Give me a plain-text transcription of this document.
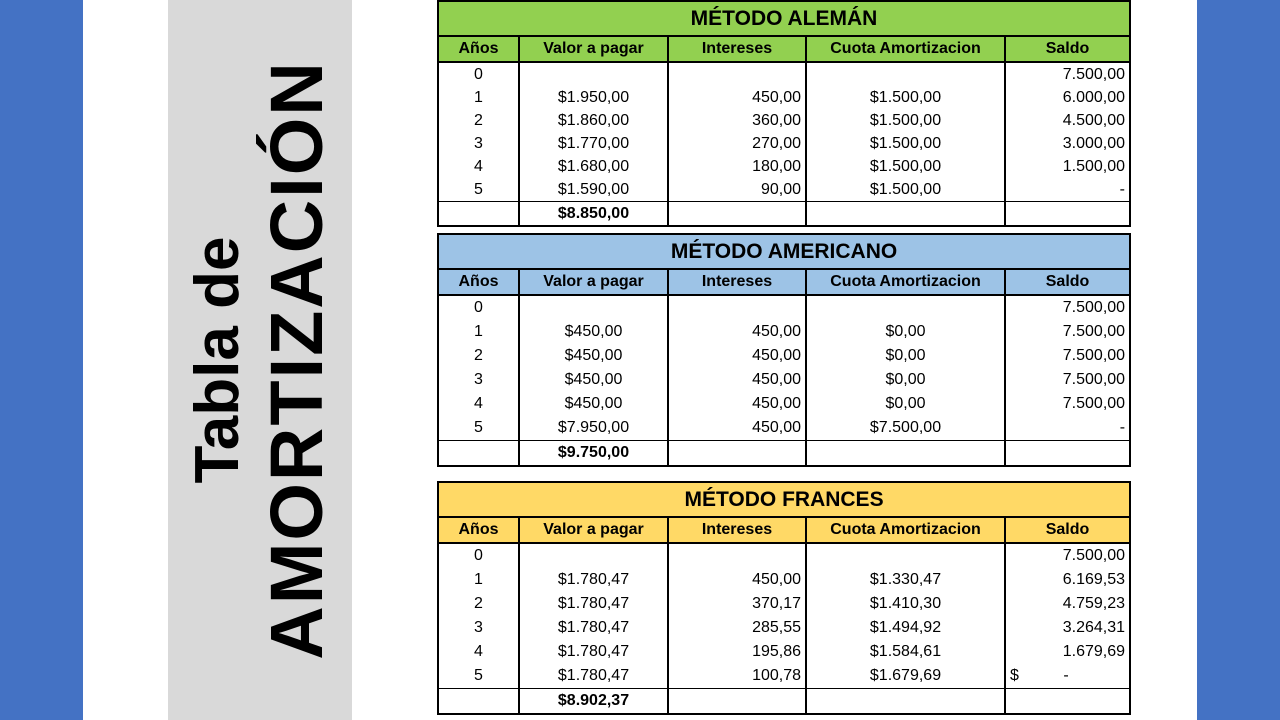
Tabla de AMORTIZACIÓN
MÉTODO ALEMÁN				
Años	Valor a pagar	Intereses	Cuota Amortizacion	Saldo
0				7.500,00
1	$1.950,00	450,00	$1.500,00	6.000,00
2	$1.860,00	360,00	$1.500,00	4.500,00
3	$1.770,00	270,00	$1.500,00	3.000,00
4	$1.680,00	180,00	$1.500,00	1.500,00
5	$1.590,00	90,00	$1.500,00	-
	$8.850,00			
MÉTODO AMERICANO				
Años	Valor a pagar	Intereses	Cuota Amortizacion	Saldo
0				7.500,00
1	$450,00	450,00	$0,00	7.500,00
2	$450,00	450,00	$0,00	7.500,00
3	$450,00	450,00	$0,00	7.500,00
4	$450,00	450,00	$0,00	7.500,00
5	$7.950,00	450,00	$7.500,00	-
	$9.750,00			
MÉTODO FRANCES				
Años	Valor a pagar	Intereses	Cuota Amortizacion	Saldo
0				7.500,00
1	$1.780,47	450,00	$1.330,47	6.169,53
2	$1.780,47	370,17	$1.410,30	4.759,23
3	$1.780,47	285,55	$1.494,92	3.264,31
4	$1.780,47	195,86	$1.584,61	1.679,69
5	$1.780,47	100,78	$1.679,69	$          -
	$8.902,37			
